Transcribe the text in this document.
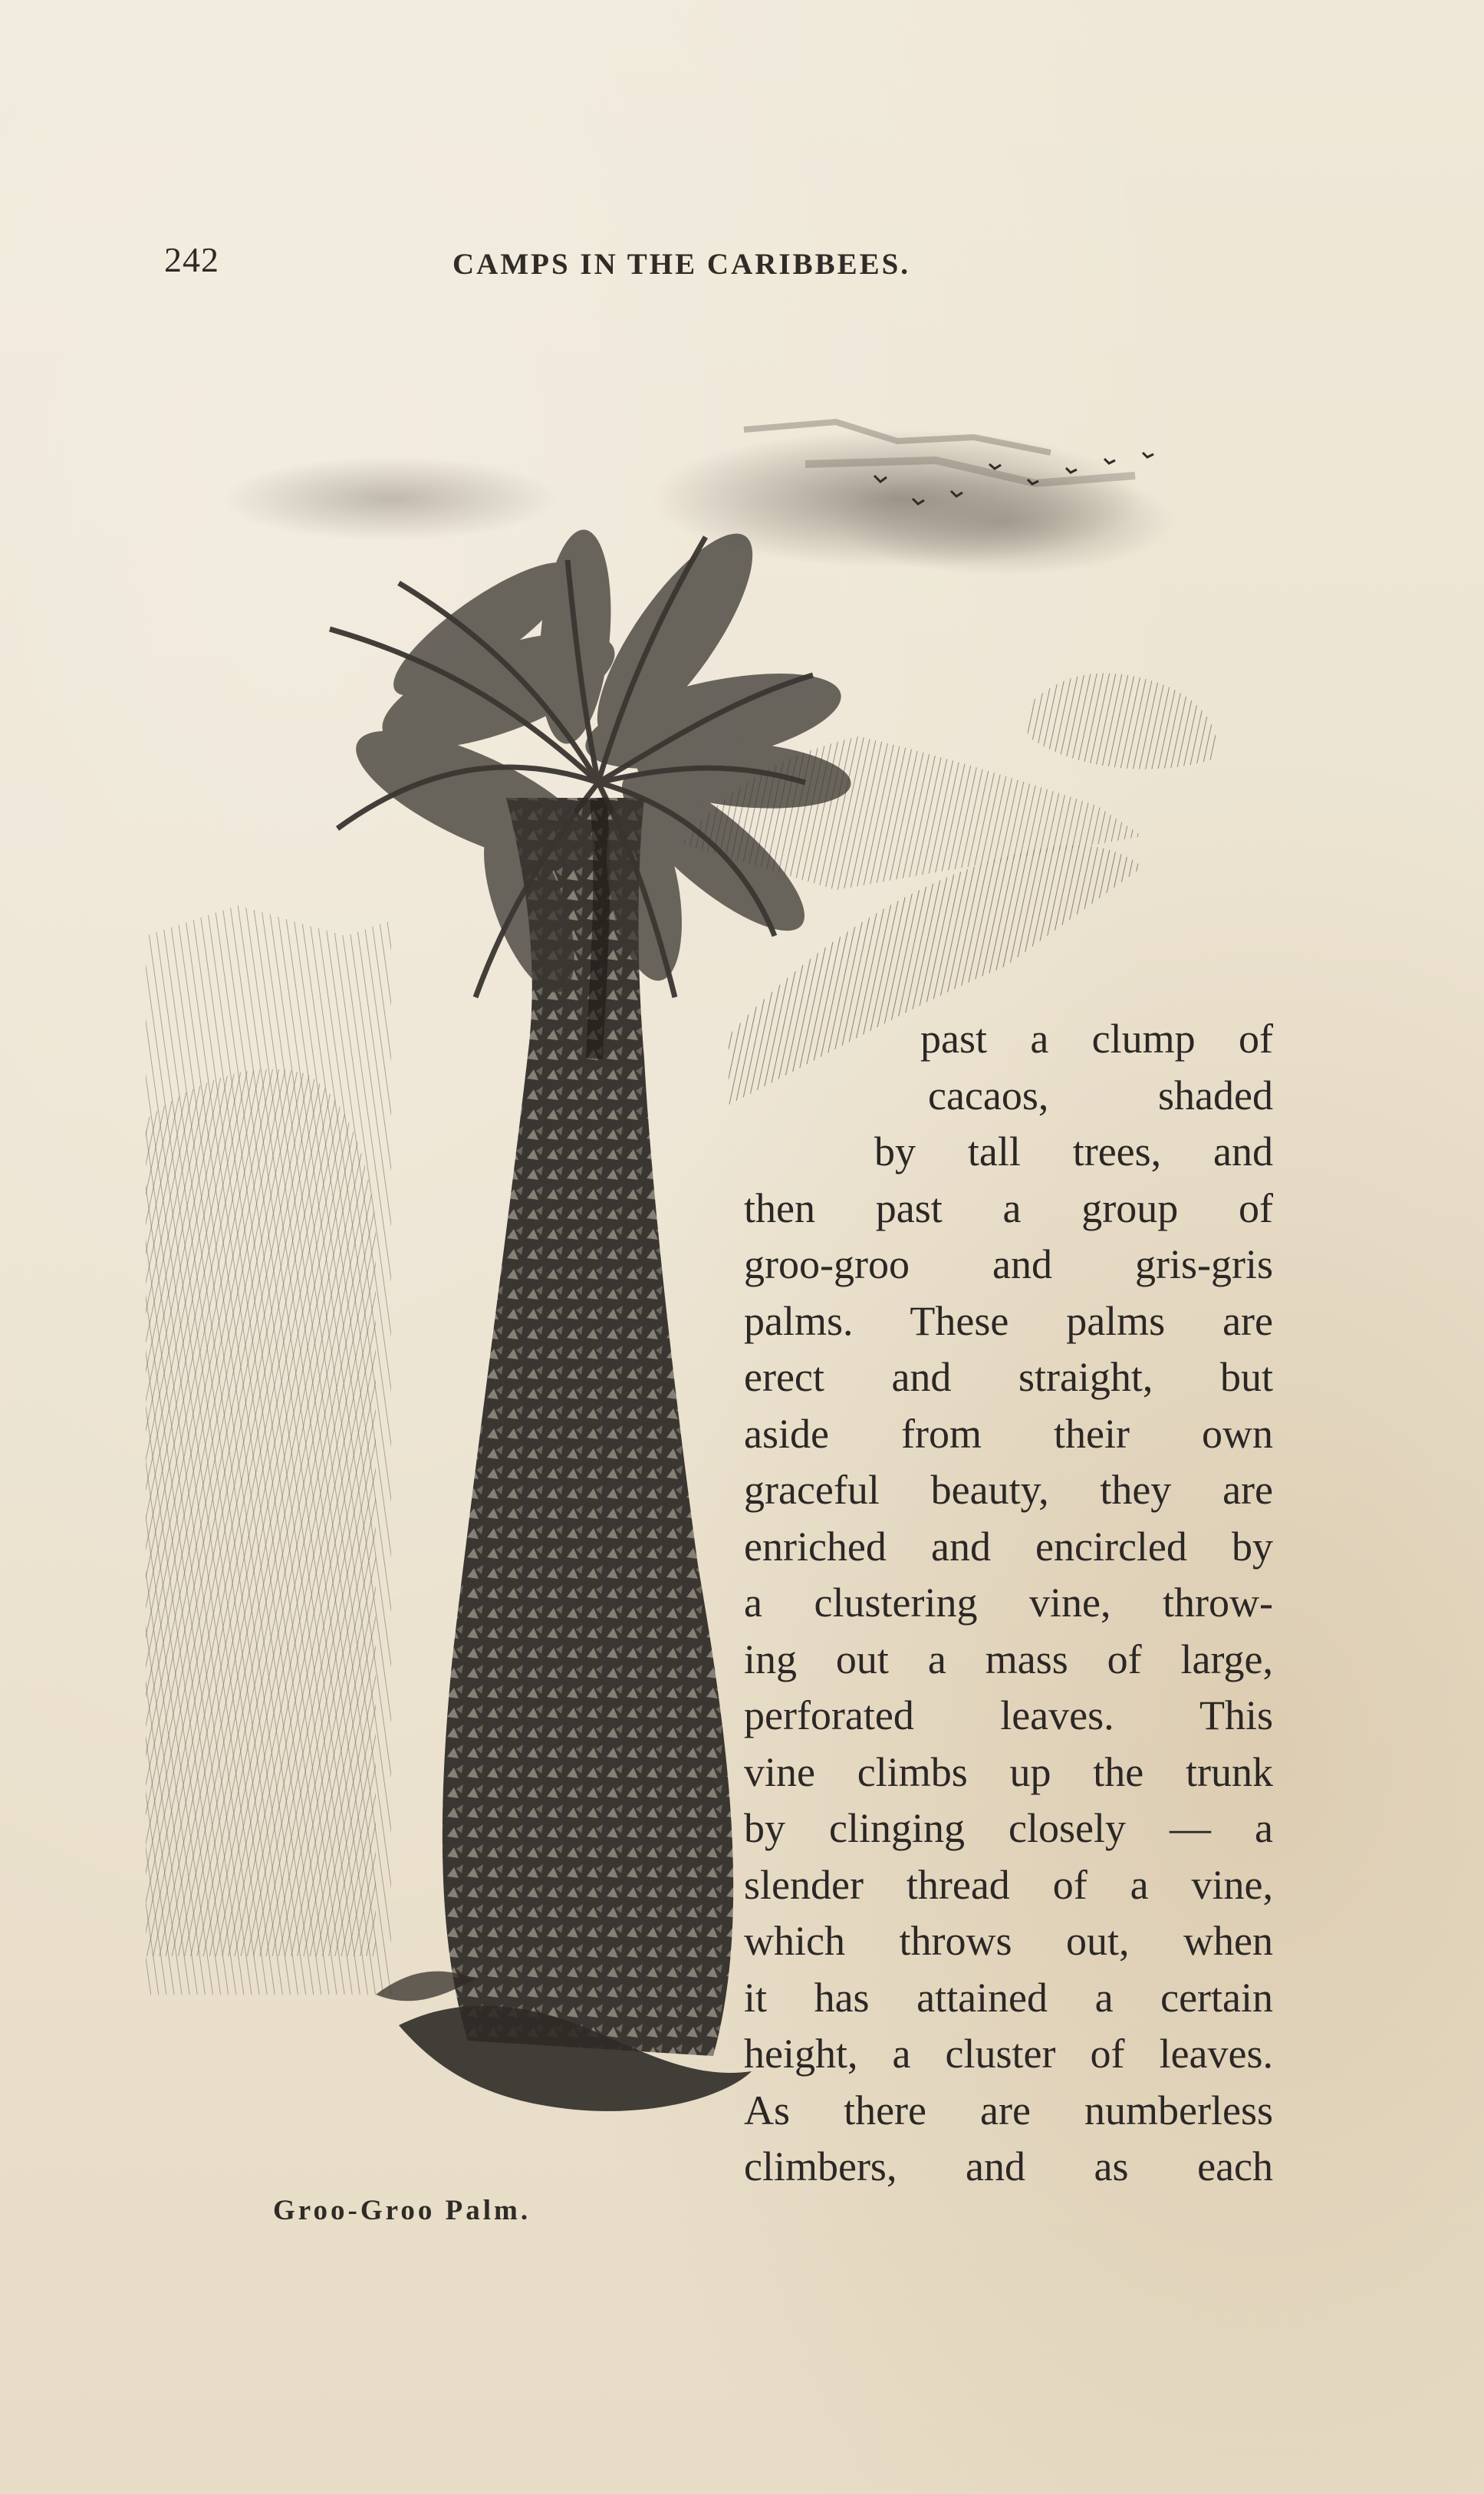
242	CAMPS IN THE CARIBBEES.
Groo-Groo Palm.
past a clump of
cacaos, shaded
by tall trees, and
then past a group of
groo-groo and gris-gris
palms. These palms are
erect and straight, but
aside from their own
graceful beauty, they are
enriched and encircled by
a clustering vine, throw-
ing out a mass of large,
perforated leaves. This
vine climbs up the trunk
by clinging closely — a
slender thread of a vine,
which throws out, when
it has attained a certain
height, a cluster of leaves.
As there are numberless
climbers, and as each
